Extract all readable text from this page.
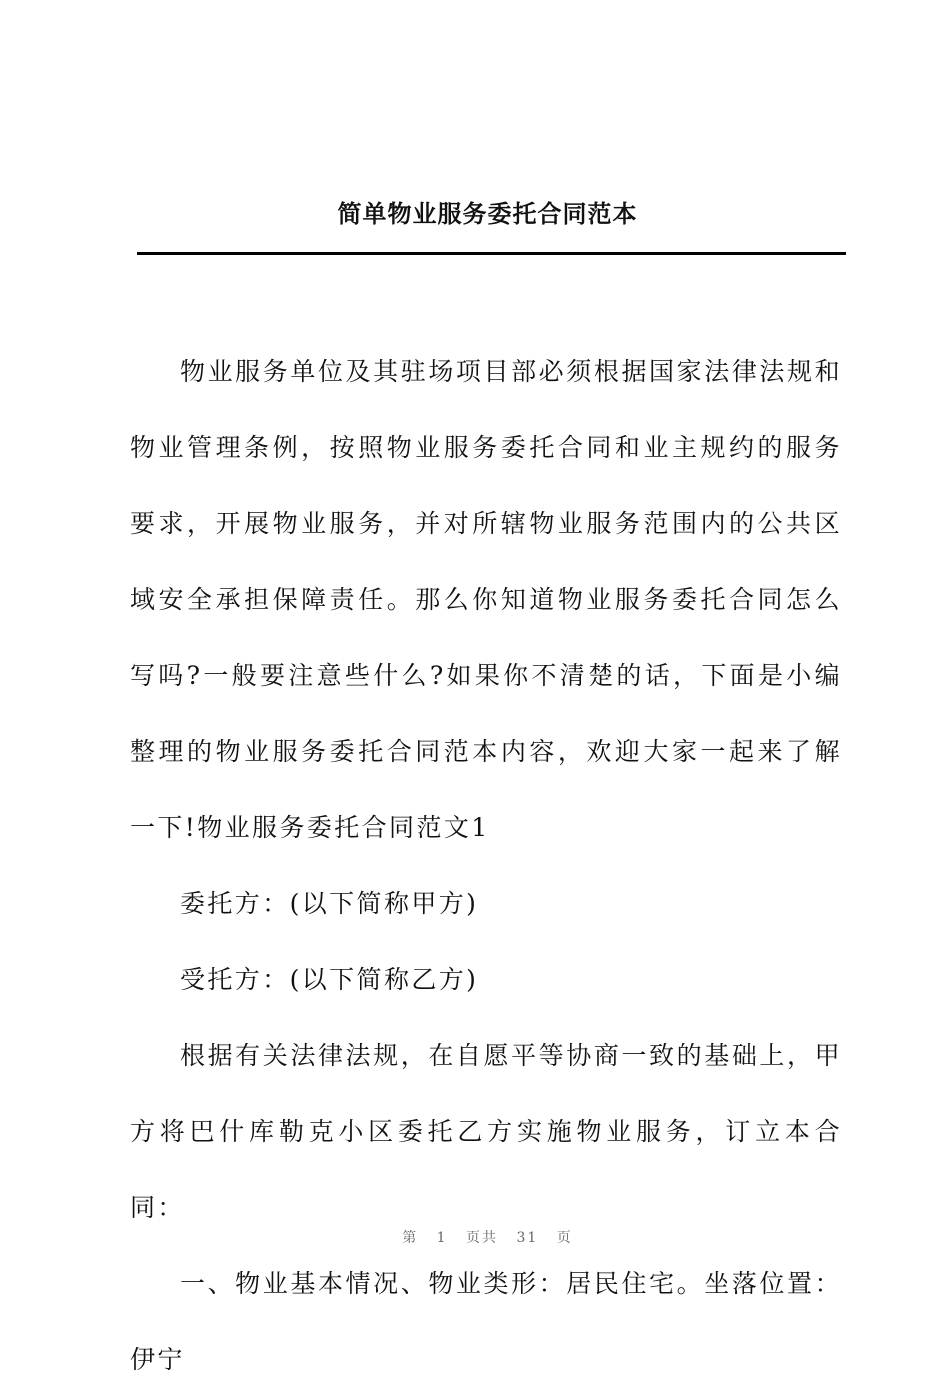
简单物业服务委托合同范本

物业服务单位及其驻场项目部必须根据国家法律法规和物业管理条例，按照物业服务委托合同和业主规约的服务要求，开展物业服务，并对所辖物业服务范围内的公共区域安全承担保障责任。那么你知道物业服务委托合同怎么写吗?一般要注意些什么?如果你不清楚的话，下面是小编整理的物业服务委托合同范本内容，欢迎大家一起来了解一下!物业服务委托合同范文1

委托方：(以下简称甲方)

受托方：(以下简称乙方)

根据有关法律法规，在自愿平等协商一致的基础上，甲方将巴什库勒克小区委托乙方实施物业服务，订立本合同：

一、物业基本情况、物业类形：居民住宅。坐落位置：伊宁

第 1 页共 31 页
